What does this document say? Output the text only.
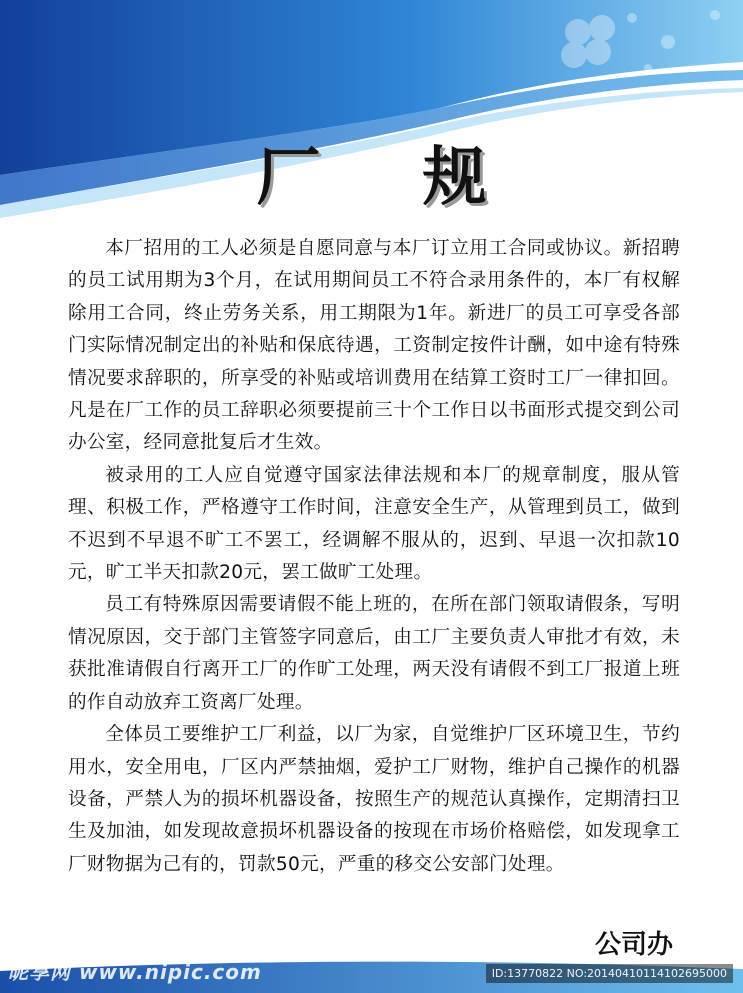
厂 规

本厂招用的工人必须是自愿同意与本厂订立用工合同或协议。新招聘的员工试用期为3个月，在试用期间员工不符合录用条件的，本厂有权解除用工合同，终止劳务关系，用工期限为1年。新进厂的员工可享受各部门实际情况制定出的补贴和保底待遇，工资制定按件计酬，如中途有特殊情况要求辞职的，所享受的补贴或培训费用在结算工资时工厂一律扣回。凡是在厂工作的员工辞职必须要提前三十个工作日以书面形式提交到公司办公室，经同意批复后才生效。

被录用的工人应自觉遵守国家法律法规和本厂的规章制度，服从管理、积极工作，严格遵守工作时间，注意安全生产，从管理到员工，做到不迟到不早退不旷工不罢工，经调解不服从的，迟到、早退一次扣款10元，旷工半天扣款20元，罢工做旷工处理。

员工有特殊原因需要请假不能上班的，在所在部门领取请假条，写明情况原因，交于部门主管签字同意后，由工厂主要负责人审批才有效，未获批准请假自行离开工厂的作旷工处理，两天没有请假不到工厂报道上班的作自动放弃工资离厂处理。

全体员工要维护工厂利益，以厂为家，自觉维护厂区环境卫生，节约用水，安全用电，厂区内严禁抽烟，爱护工厂财物，维护自己操作的机器设备，严禁人为的损坏机器设备，按照生产的规范认真操作，定期清扫卫生及加油，如发现故意损坏机器设备的按现在市场价格赔偿，如发现拿工厂财物据为己有的，罚款50元，严重的移交公安部门处理。

公司办
昵享网 www.nipic.com	ID:13770822 NO:20140410114102695000
